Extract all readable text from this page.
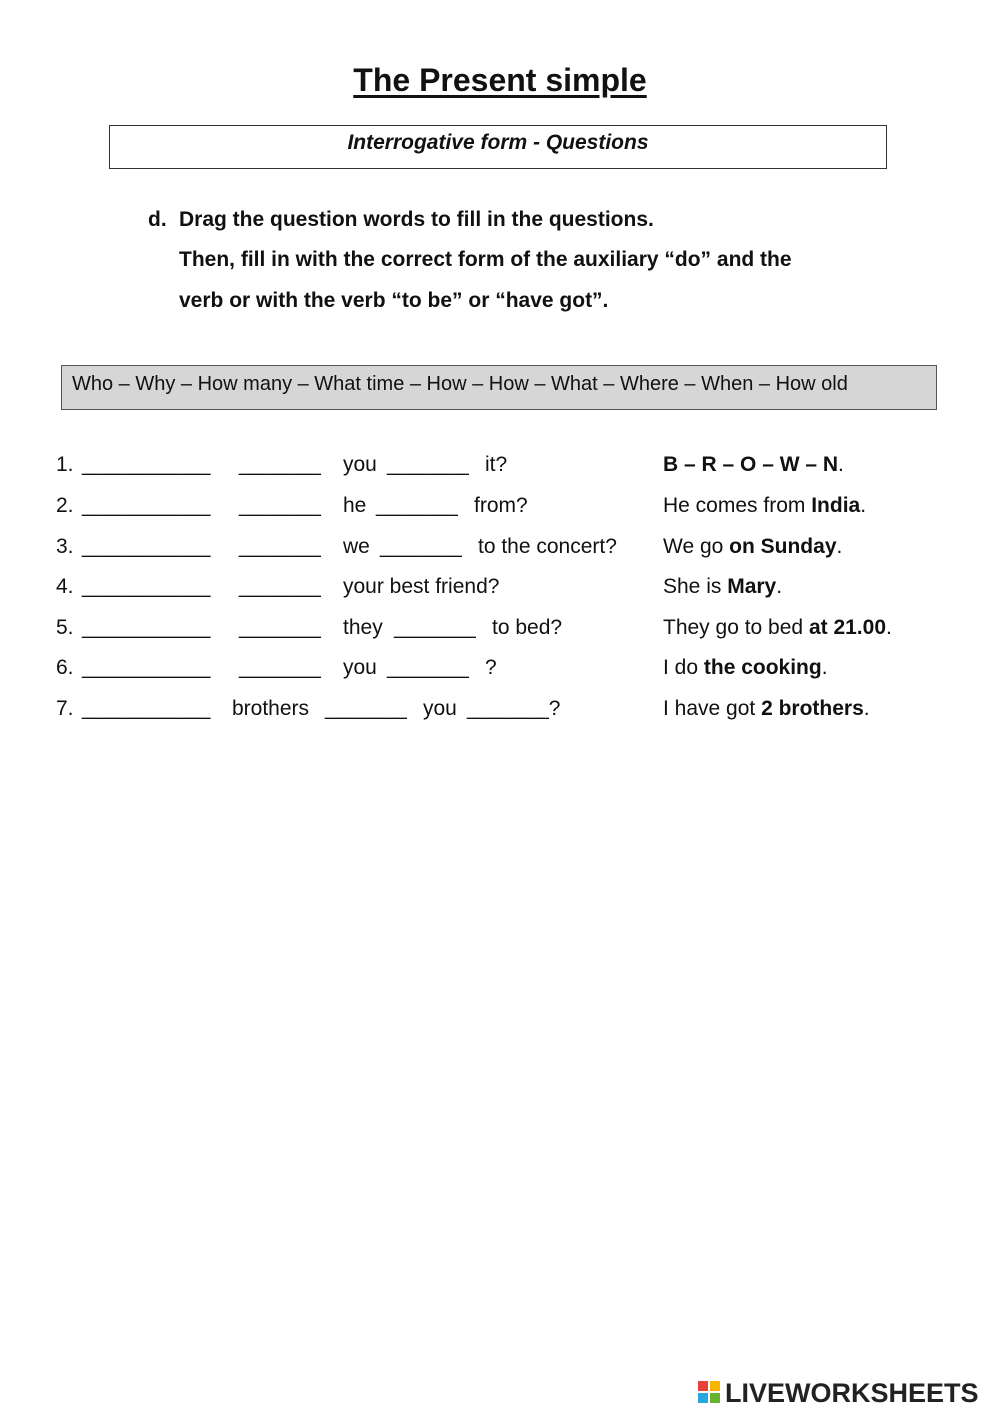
The Present simple
Interrogative form - Questions
d. Drag the question words to fill in the questions.
Then, fill in with the correct form of the auxiliary “do” and the
verb or with the verb “to be” or “have got”.
Who – Why – How many – What time – How – How – What – Where – When – How old
1. ___________ _______ you _______ it?	B – R – O – W – N.
2. ___________ _______ he _______ from?	He comes from India.
3. ___________ _______ we _______ to the concert? We go on Sunday.
4. ___________ _______ your best friend?	She is Mary.
5. ___________ _______ they _______ to bed?	They go to bed at 21.00.
6. ___________ _______ you _______ ?	I do the cooking.
7. ___________ brothers _______ you _______?	I have got 2 brothers.
LIVEWORKSHEETS
